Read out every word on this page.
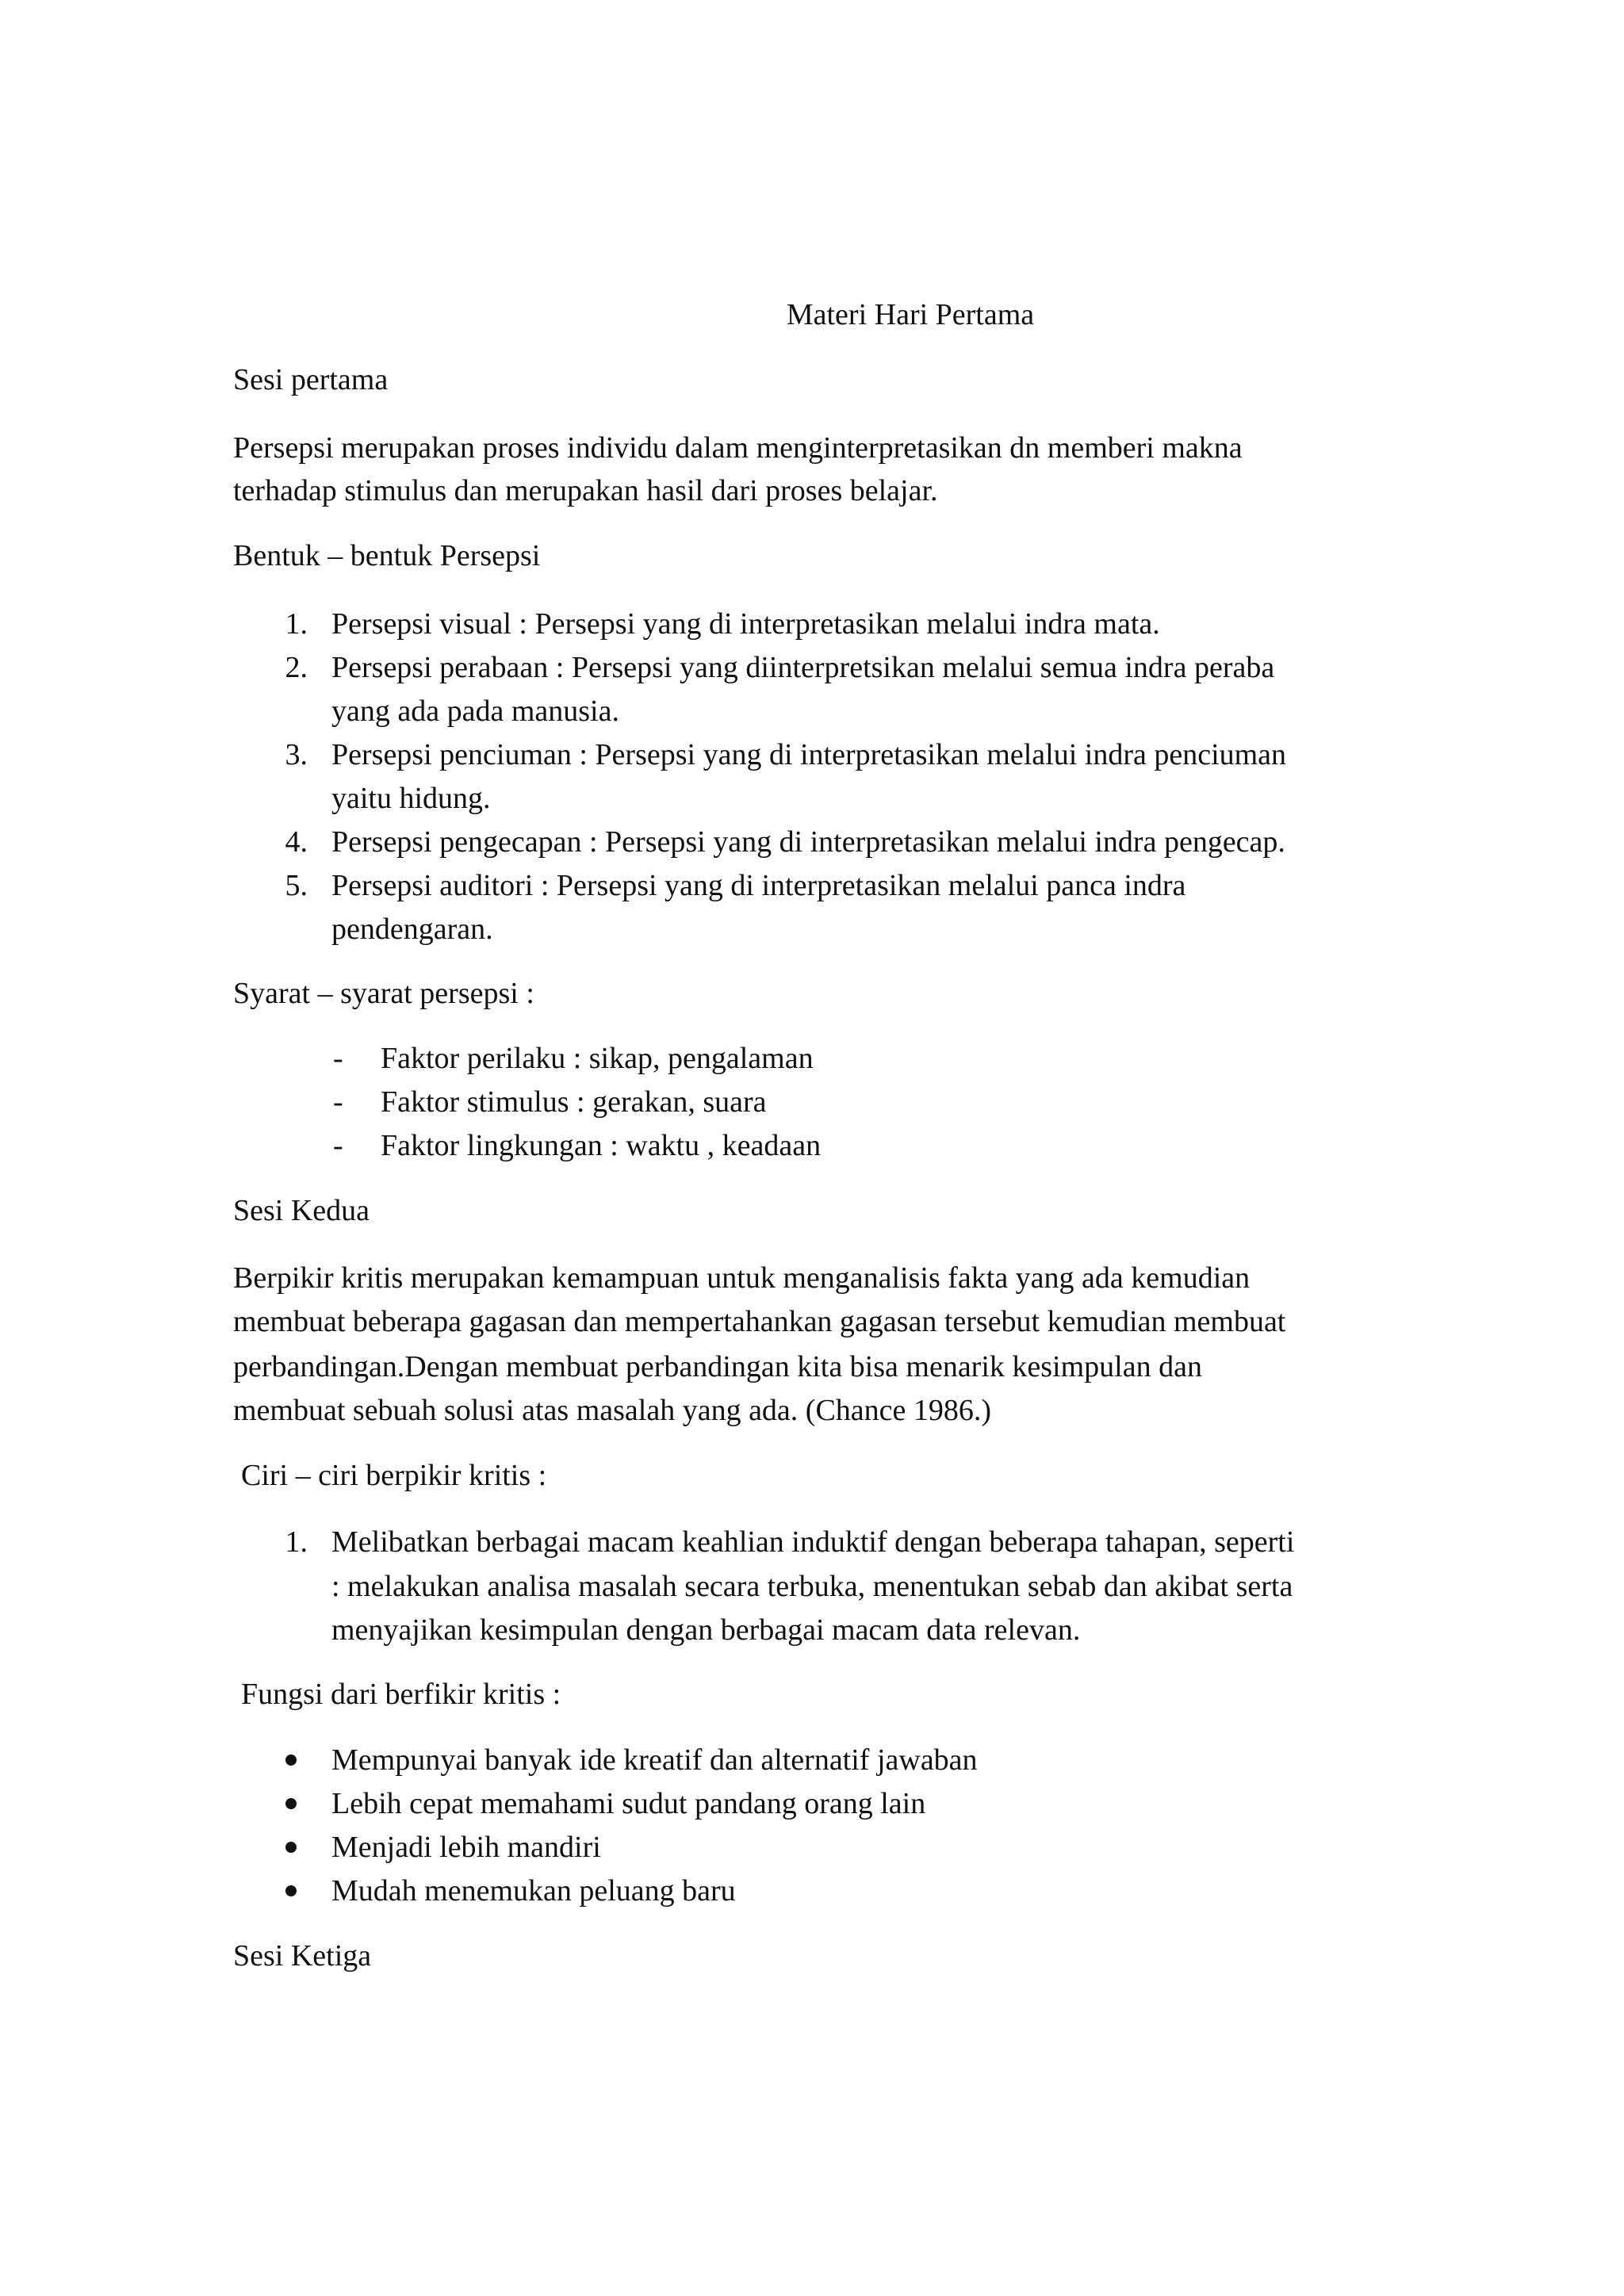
Materi Hari Pertama

Sesi pertama

Persepsi merupakan proses individu dalam menginterpretasikan dn memberi makna

terhadap stimulus dan merupakan hasil dari proses belajar.

Bentuk – bentuk Persepsi

1. Persepsi visual : Persepsi yang di interpretasikan melalui indra mata.

2. Persepsi perabaan : Persepsi yang diinterpretsikan melalui semua indra peraba

yang ada pada manusia.

3. Persepsi penciuman : Persepsi yang di interpretasikan melalui indra penciuman

yaitu hidung.

4. Persepsi pengecapan : Persepsi yang di interpretasikan melalui indra pengecap.

5. Persepsi auditori : Persepsi yang di interpretasikan melalui panca indra

pendengaran.

Syarat – syarat persepsi :

- Faktor perilaku : sikap, pengalaman

- Faktor stimulus : gerakan, suara

- Faktor lingkungan : waktu , keadaan

Sesi Kedua

Berpikir kritis merupakan kemampuan untuk menganalisis fakta yang ada kemudian

membuat beberapa gagasan dan mempertahankan gagasan tersebut kemudian membuat

perbandingan.Dengan membuat perbandingan kita bisa menarik kesimpulan dan

membuat sebuah solusi atas masalah yang ada. (Chance 1986.)

Ciri – ciri berpikir kritis :

1. Melibatkan berbagai macam keahlian induktif dengan beberapa tahapan, seperti

: melakukan analisa masalah secara terbuka, menentukan sebab dan akibat serta

menyajikan kesimpulan dengan berbagai macam data relevan.

Fungsi dari berfikir kritis :

Mempunyai banyak ide kreatif dan alternatif jawaban

Lebih cepat memahami sudut pandang orang lain

Menjadi lebih mandiri

Mudah menemukan peluang baru

Sesi Ketiga
